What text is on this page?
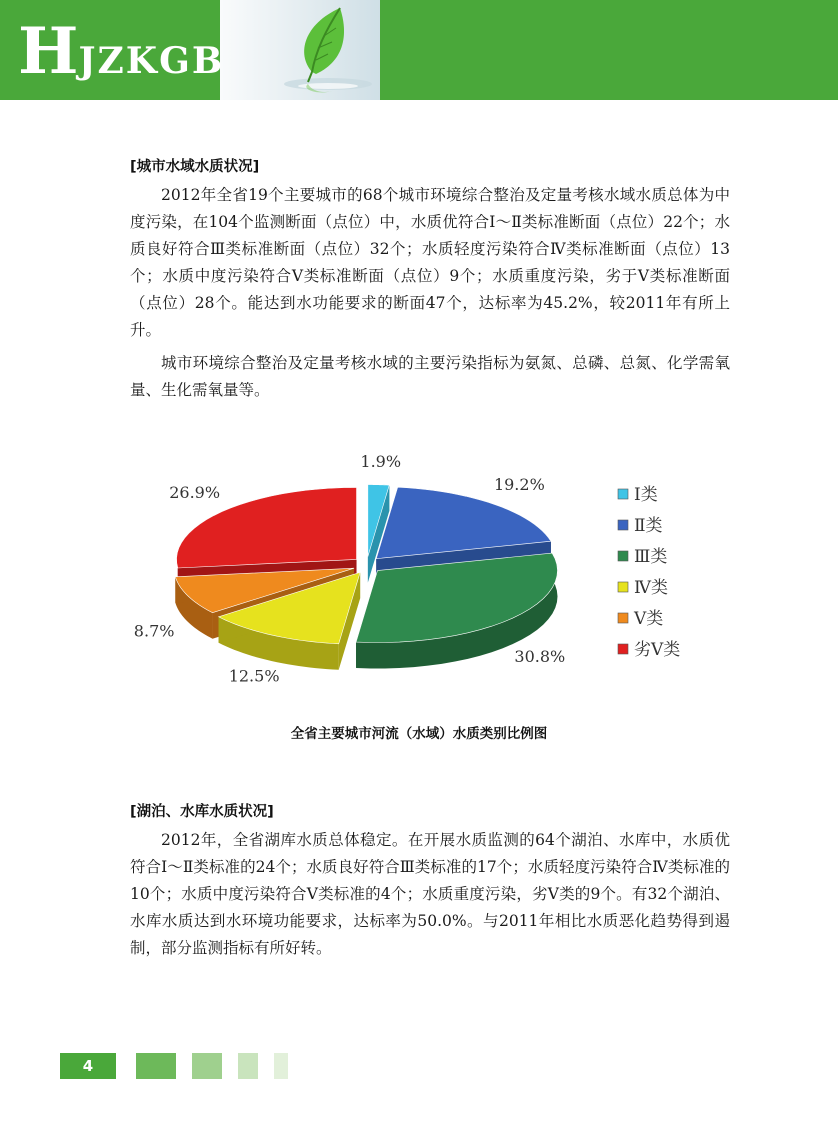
HJZKGB

[城市水域水质状况]

2012年全省19个主要城市的68个城市环境综合整治及定量考核水域水质总体为中度污染，在104个监测断面（点位）中，水质优符合Ⅰ～Ⅱ类标准断面（点位）22个；水质良好符合Ⅲ类标准断面（点位）32个；水质轻度污染符合Ⅳ类标准断面（点位）13个；水质中度污染符合Ⅴ类标准断面（点位）9个；水质重度污染，劣于Ⅴ类标准断面（点位）28个。能达到水功能要求的断面47个，达标率为45.2%，较2011年有所上升。

城市环境综合整治及定量考核水域的主要污染指标为氨氮、总磷、总氮、化学需氧量、生化需氧量等。

1.9%
19.2%
30.8%
12.5%
8.7%
26.9%	Ⅰ类
Ⅱ类
Ⅲ类
Ⅳ类
Ⅴ类
劣Ⅴ类
全省主要城市河流（水域）水质类别比例图

[湖泊、水库水质状况]

2012年，全省湖库水质总体稳定。在开展水质监测的64个湖泊、水库中，水质优符合Ⅰ～Ⅱ类标准的24个；水质良好符合Ⅲ类标准的17个；水质轻度污染符合Ⅳ类标准的10个；水质中度污染符合Ⅴ类标准的4个；水质重度污染，劣Ⅴ类的9个。有32个湖泊、水库水质达到水环境功能要求，达标率为50.0%。与2011年相比水质恶化趋势得到遏制，部分监测指标有所好转。

4
